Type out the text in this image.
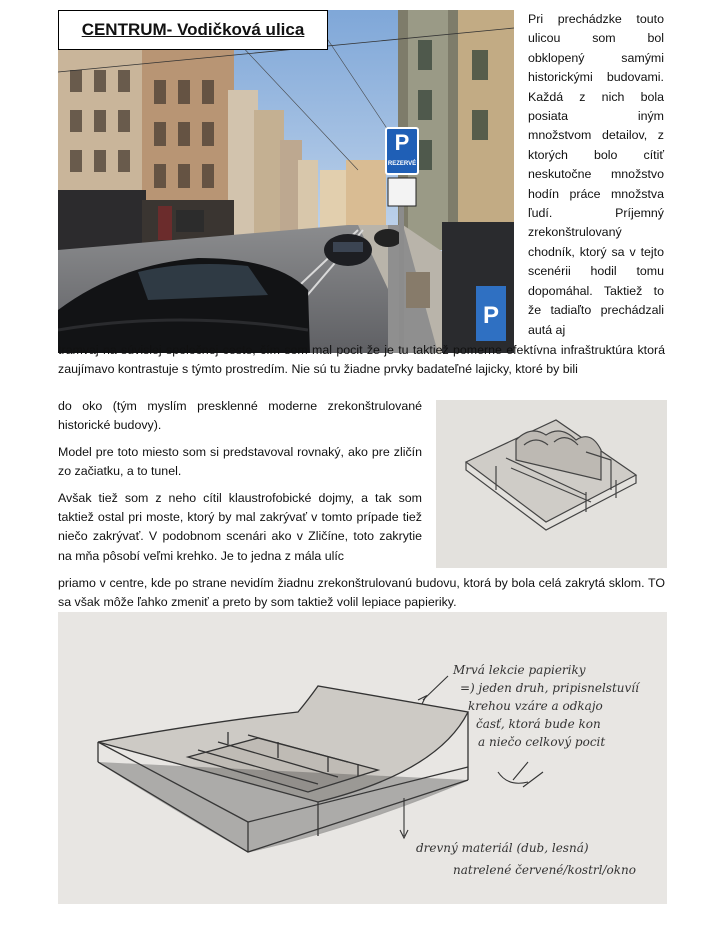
P
REZERVÉ
P
CENTRUM- Vodičková ulica

Pri prechádzke touto ulicou som bol obklopený samými historickými budovami. Každá z nich bola posiata iným množstvom detailov, z ktorých bolo cítiť neskutočne množstvo hodín práce množstva ľudí. Príjemný zrekonštrulovaný chodník, ktorý sa v tejto scenérii hodil tomu dopomáhal. Taktiež to že tadiaľto prechádzali autá aj

tramvaj na súvislej spoločnej ceste, čím som mal pocit že je tu taktiež pomerne efektívna infraštruktúra ktorá zaujímavo kontrastuje s týmto prostredím. Nie sú tu žiadne prvky badateľné lajicky, ktoré by bili

do oko (tým myslím presklenné moderne zrekonštrulované historické budovy).

Model pre toto miesto som si predstavoval rovnaký, ako pre zličín zo začiatku, a to tunel.

Avšak tiež som z neho cítil klaustrofobické dojmy, a tak som taktiež ostal pri moste, ktorý by mal zakrývať v tomto prípade tiež niečo zakrývať. V podobnom scenári ako v Zličíne, toto zakrytie na mňa pôsobí veľmi krehko. Je to jedna z mála ulíc

priamo v centre, kde po strane nevidím žiadnu zrekonštrulovanú budovu, ktorá by bola celá zakrytá sklom. TO sa však môže ľahko zmeniť a preto by som taktiež volil lepiace papieriky.

Mrvá lekcie papieriky
=) jeden druh, pripisnelstuvíí
krehou vzáre a odkajo
časť, ktorá bude kon
a niečo celkový pocit
drevný materiál (dub, lesná)
natrelené červené/kostrl/okno
